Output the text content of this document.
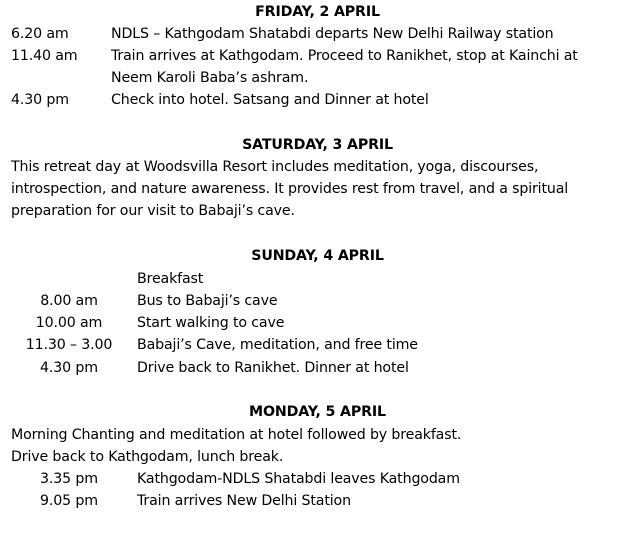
FRIDAY, 2 APRIL
6.20 am	NDLS – Kathgodam Shatabdi departs New Delhi Railway station
11.40 am Train arrives at Kathgodam. Proceed to Ranikhet, stop at Kainchi at Neem Karoli Baba’s ashram.
4.30 pm	Check into hotel. Satsang and Dinner at hotel
SATURDAY, 3 APRIL
This retreat day at Woodsvilla Resort includes meditation, yoga, discourses,
introspection, and nature awareness. It provides rest from travel, and a spiritual
preparation for our visit to Babaji’s cave.
SUNDAY, 4 APRIL
Breakfast
8.00 am	Bus to Babaji’s cave
10.00 am	Start walking to cave
11.30 – 3.00	Babaji’s Cave, meditation, and free time
4.30 pm	Drive back to Ranikhet. Dinner at hotel
MONDAY, 5 APRIL
Morning Chanting and meditation at hotel followed by breakfast.
Drive back to Kathgodam, lunch break.
3.35 pm	Kathgodam-NDLS Shatabdi leaves Kathgodam
9.05 pm	Train arrives New Delhi Station
